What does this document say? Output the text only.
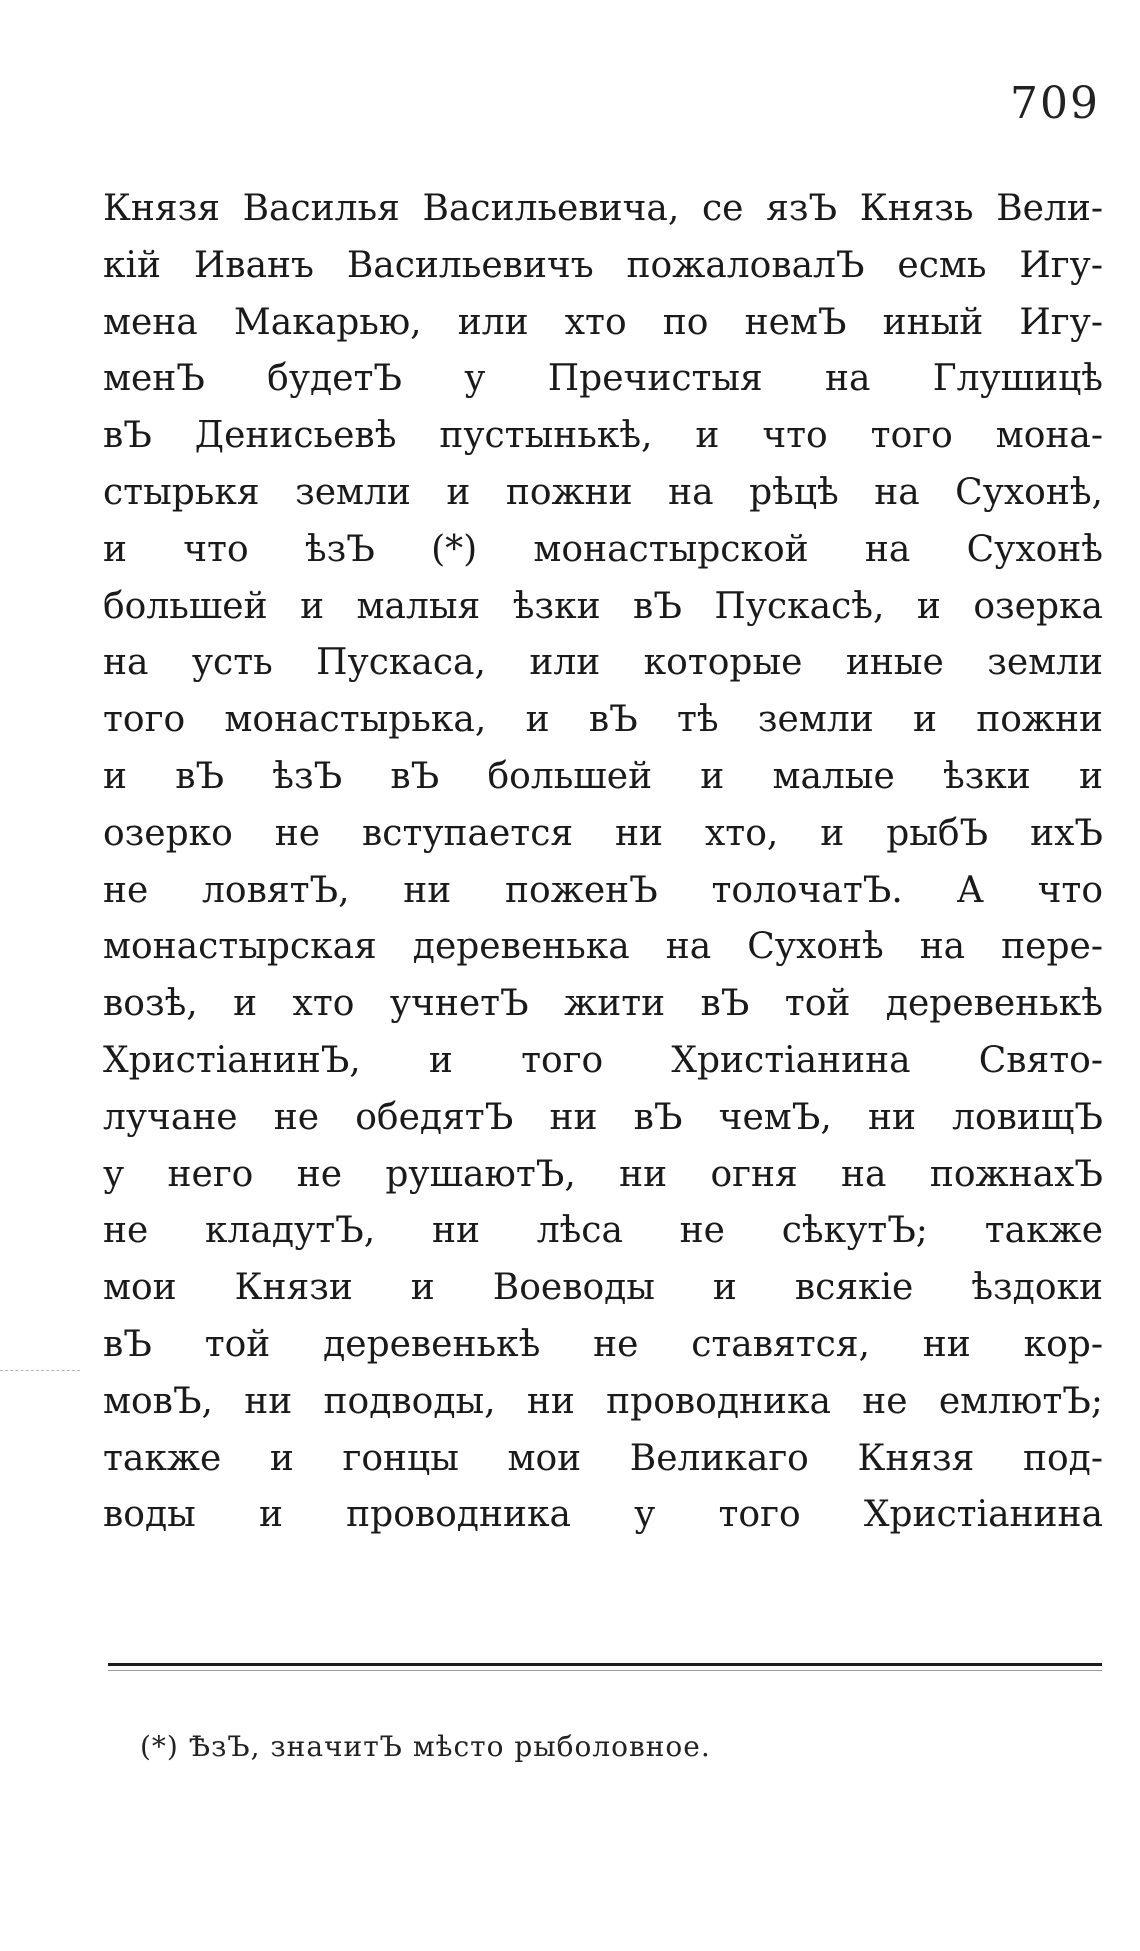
709
Князя Василья Васильевича, се язЪ Князь Вели-
кій Иванъ Васильевичъ пожаловалЪ есмь Игу-
мена Макарью, или хто по немЪ иный Игу-
менЪ будетЪ у Пречистыя на Глушицѣ
вЪ Денисьевѣ пустынькѣ, и что того мона-
стырькя земли и пожни на рѣцѣ на Сухонѣ,
и что ѣзЪ (*) монастырской на Сухонѣ
большей и малыя ѣзки вЪ Пускасѣ, и озерка
на усть Пускаса, или которые иные земли
того монастырька, и вЪ тѣ земли и пожни
и вЪ ѣзЪ вЪ большей и малые ѣзки и
озерко не вступается ни хто, и рыбЪ ихЪ
не ловятЪ, ни поженЪ толочатЪ. А что
монастырская деревенька на Сухонѣ на пере-
возѣ, и хто учнетЪ жити вЪ той деревенькѣ
ХристіанинЪ, и того Христіанина Свято-
лучане не обедятЪ ни вЪ чемЪ, ни ловищЪ
у него не рушаютЪ, ни огня на пожнахЪ
не кладутЪ, ни лѣса не сѣкутЪ; также
мои Князи и Воеводы и всякіе ѣздоки
вЪ той деревенькѣ не ставятся, ни кор-
мовЪ, ни подводы, ни проводника не емлютЪ;
также и гонцы мои Великаго Князя под-
воды и проводника у того Христіанина
(*) ѢзЪ, значитЪ мѣсто рыболовное.
